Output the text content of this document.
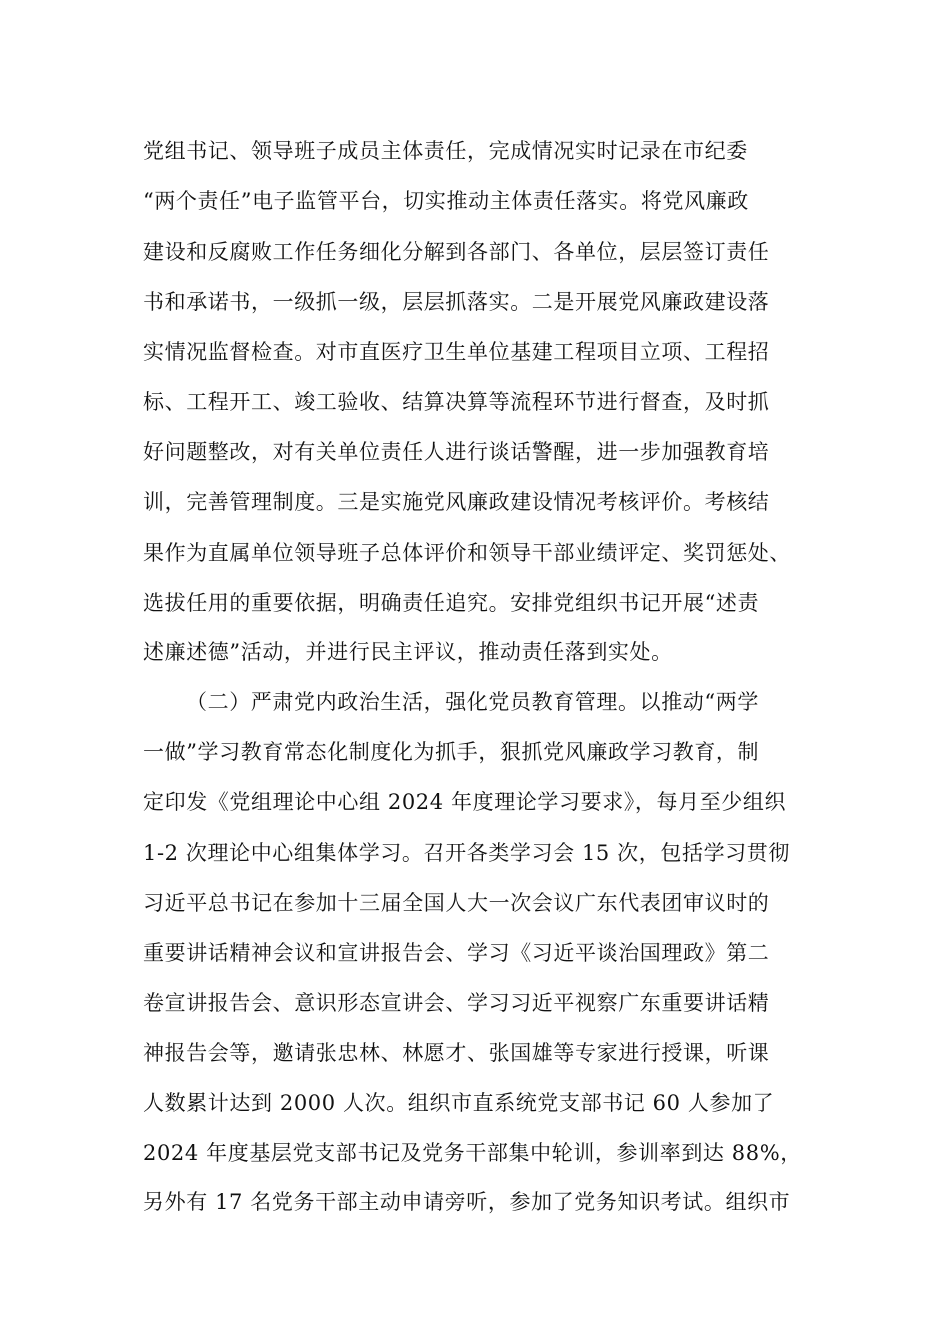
党组书记、领导班子成员主体责任，完成情况实时记录在市纪委
“两个责任”电子监管平台，切实推动主体责任落实。将党风廉政
建设和反腐败工作任务细化分解到各部门、各单位，层层签订责任
书和承诺书，一级抓一级，层层抓落实。二是开展党风廉政建设落
实情况监督检查。对市直医疗卫生单位基建工程项目立项、工程招
标、工程开工、竣工验收、结算决算等流程环节进行督查，及时抓
好问题整改，对有关单位责任人进行谈话警醒，进一步加强教育培
训，完善管理制度。三是实施党风廉政建设情况考核评价。考核结
果作为直属单位领导班子总体评价和领导干部业绩评定、奖罚惩处、
选拔任用的重要依据，明确责任追究。安排党组织书记开展“述责
述廉述德”活动，并进行民主评议，推动责任落到实处。
（二）严肃党内政治生活，强化党员教育管理。以推动“两学
一做”学习教育常态化制度化为抓手，狠抓党风廉政学习教育，制
定印发《党组理论中心组 2024 年度理论学习要求》，每月至少组织
1-2 次理论中心组集体学习。召开各类学习会 15 次，包括学习贯彻
习近平总书记在参加十三届全国人大一次会议广东代表团审议时的
重要讲话精神会议和宣讲报告会、学习《习近平谈治国理政》第二
卷宣讲报告会、意识形态宣讲会、学习习近平视察广东重要讲话精
神报告会等，邀请张忠林、林愿才、张国雄等专家进行授课，听课
人数累计达到 2000 人次。组织市直系统党支部书记 60 人参加了
2024 年度基层党支部书记及党务干部集中轮训，参训率到达 88%，
另外有 17 名党务干部主动申请旁听，参加了党务知识考试。组织市
